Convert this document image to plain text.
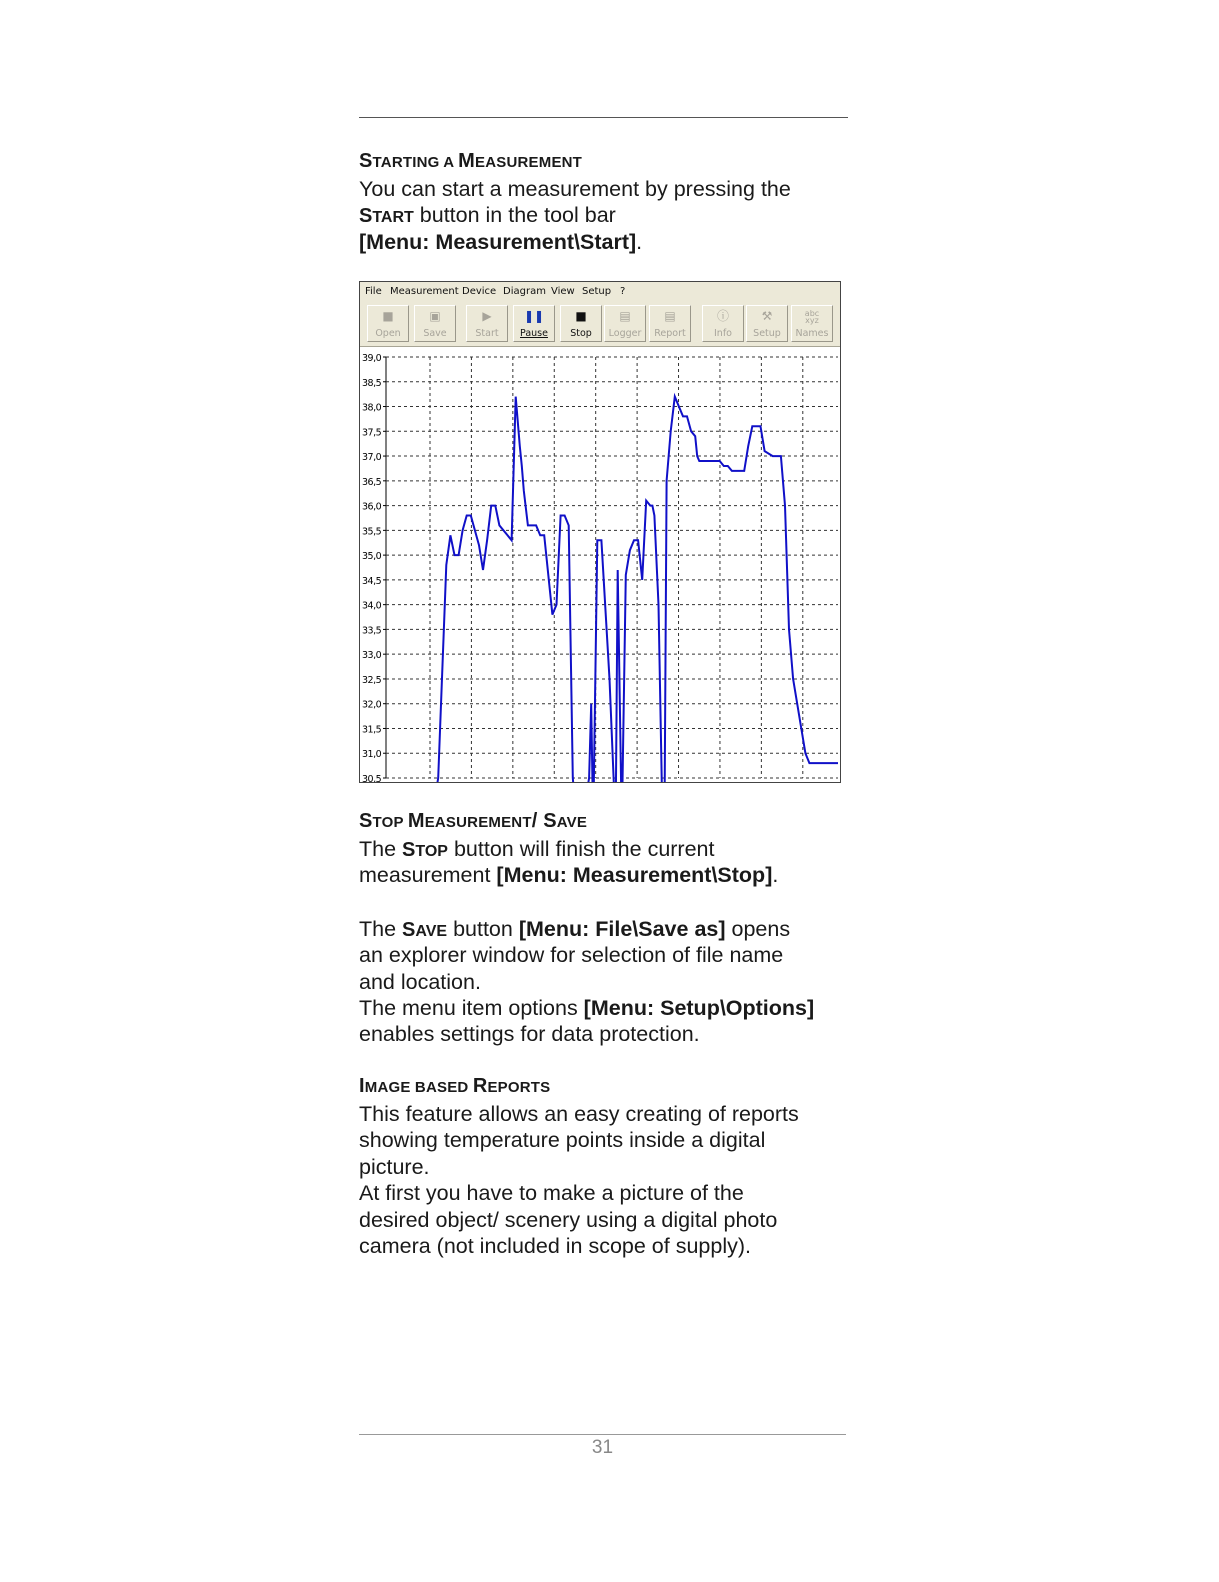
STARTING A MEASUREMENT
You can start a measurement by pressing the
START button in the tool bar
[Menu: Measurement\Start].
File Measurement Device Diagram View Setup ?
■
Open
▣
Save
▶
Start
❚❚
Pause
■
Stop
▤
Logger
▤
Report
ⓘ
Info
⚒
Setup
abc
xyz
Names
39,0
38,5
38,0
37,5
37,0
36,5
36,0
35,5
35,0
34,5
34,0
33,5
33,0
32,5
32,0
31,5
31,0
30,5
STOP MEASUREMENT/ SAVE
The STOP button will finish the current
measurement [Menu: Measurement\Stop].
The SAVE button [Menu: File\Save as] opens
an explorer window for selection of file name
and location.
The menu item options [Menu: Setup\Options]
enables settings for data protection.
IMAGE BASED REPORTS
This feature allows an easy creating of reports
showing temperature points inside a digital
picture.
At first you have to make a picture of the
desired object/ scenery using a digital photo
camera (not included in scope of supply).
31
